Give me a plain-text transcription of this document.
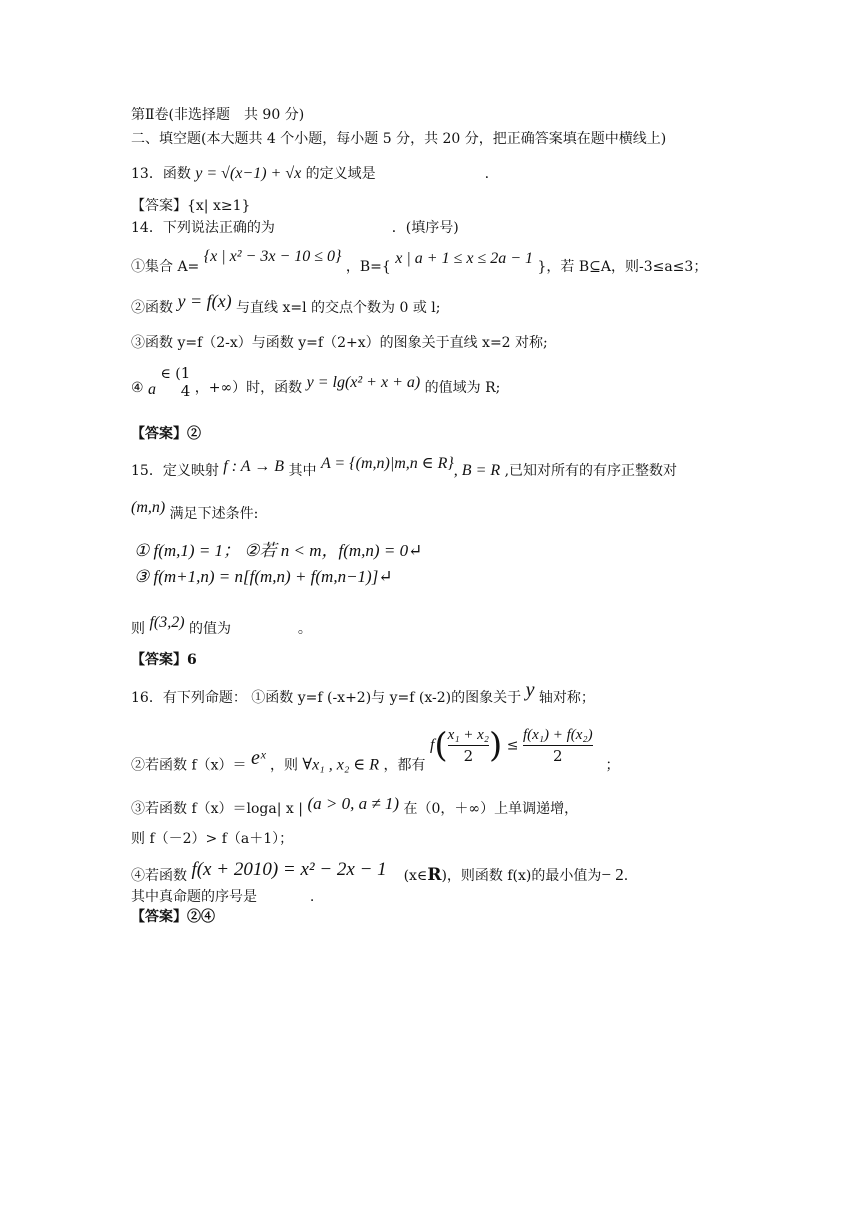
第Ⅱ卷(非选择题　共 90 分)
二、填空题(本大题共 4 个小题，每小题 5 分，共 20 分，把正确答案填在题中横线上)
13．函数 y = √(x−1) + √x 的定义域是	.
【答案】{x| x≥1}
14．下列说法正确的为	．(填序号)
①集合 A= {x | x² − 3x − 10 ≤ 0} ，B={ x | a + 1 ≤ x ≤ 2a − 1 }，若 B⊆A，则-3≤a≤3；
②函数 y = f(x) 与直线 x=l 的交点个数为 0 或 l;
③函数 y=f（2-x）与函数 y=f（2+x）的图象关于直线 x=2 对称;
④ a ∈ ( 1
4 ，+∞）时，函数 y = lg(x² + x + a) 的值域为 R;
【答案】②
15．定义映射 f : A → B 其中 A = {(m,n)|m,n ∈ R}, B = R ,已知对所有的有序正整数对
(m,n) 满足下述条件:
① f(m,1) = 1； ②若 n < m，f(m,n) = 0↵
③ f(m+1,n) = n[f(m,n) + f(m,n−1)]↵
则 f(3,2) 的值为	。
【答案】6
16．有下列命题： ①函数 y=f (-x+2)与 y=f (x-2)的图象关于 y 轴对称；
②若函数 f（x）＝ eˣ ，则 ∀x₁ , x₂ ∈ R ，都有 $f( \frac{\text{x₁ + x₂}}{2}$ ) ≤ $\frac{\text{f(x₁) + f(x₂)}}{2}$
；
③若函数 f（x）＝loga| x | (a > 0, a ≠ 1) 在（0，＋∞）上单调递增，
则 f（－2）> f（a＋1）；
④若函数 f(x + 2010) = x² − 2x − 1 (x∈R)，则函数 f(x)的最小值为− 2.
其中真命题的序号是	.
【答案】②④
